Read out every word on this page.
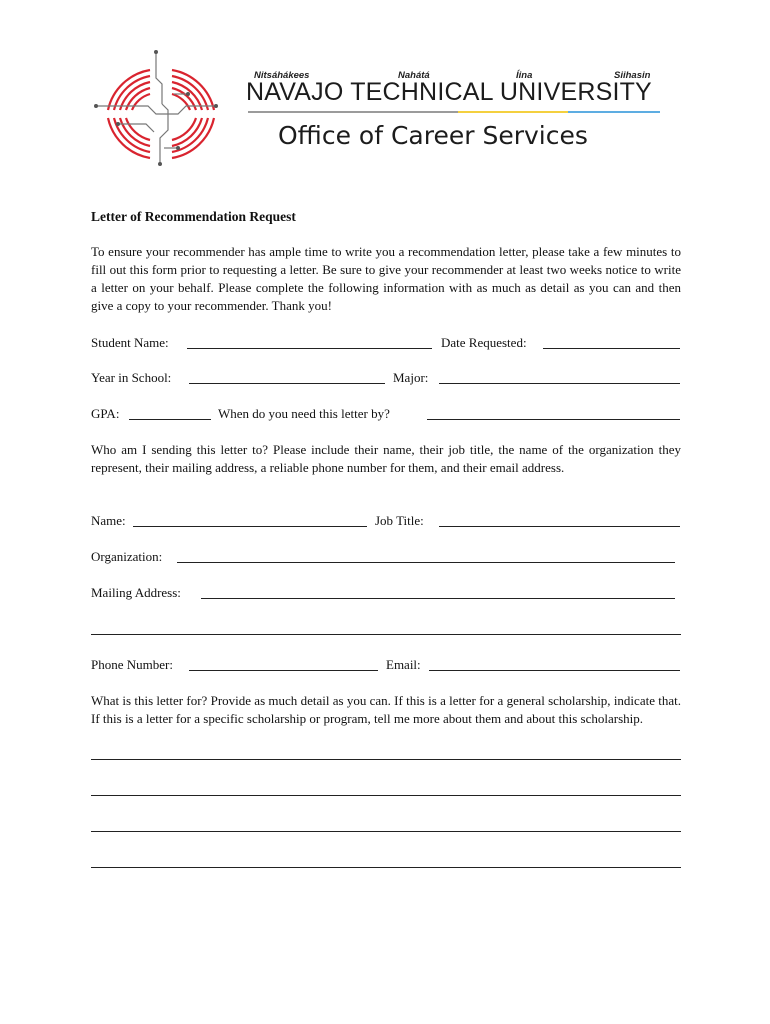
Nitsáhákees	Nahátá	Íina	Siihasin
NAVAJO TECHNICAL UNIVERSITY
Office of Career Services
Letter of Recommendation Request
To ensure your recommender has ample time to write you a recommendation letter, please take a few minutes to fill out this form prior to requesting a letter. Be sure to give your recommender at least two weeks notice to write a letter on your behalf. Please complete the following information with as much as detail as you can and then give a copy to your recommender. Thank you!
Student Name:	Date Requested:
Year in School:	Major:
GPA:	When do you need this letter by?
Who am I sending this letter to? Please include their name, their job title, the name of the organization they represent, their mailing address, a reliable phone number for them, and their email address.
Name:	Job Title:
Organization:
Mailing Address:
Phone Number:	Email:
What is this letter for? Provide as much detail as you can. If this is a letter for a general scholarship, indicate that. If this is a letter for a specific scholarship or program, tell me more about them and about this scholarship.
